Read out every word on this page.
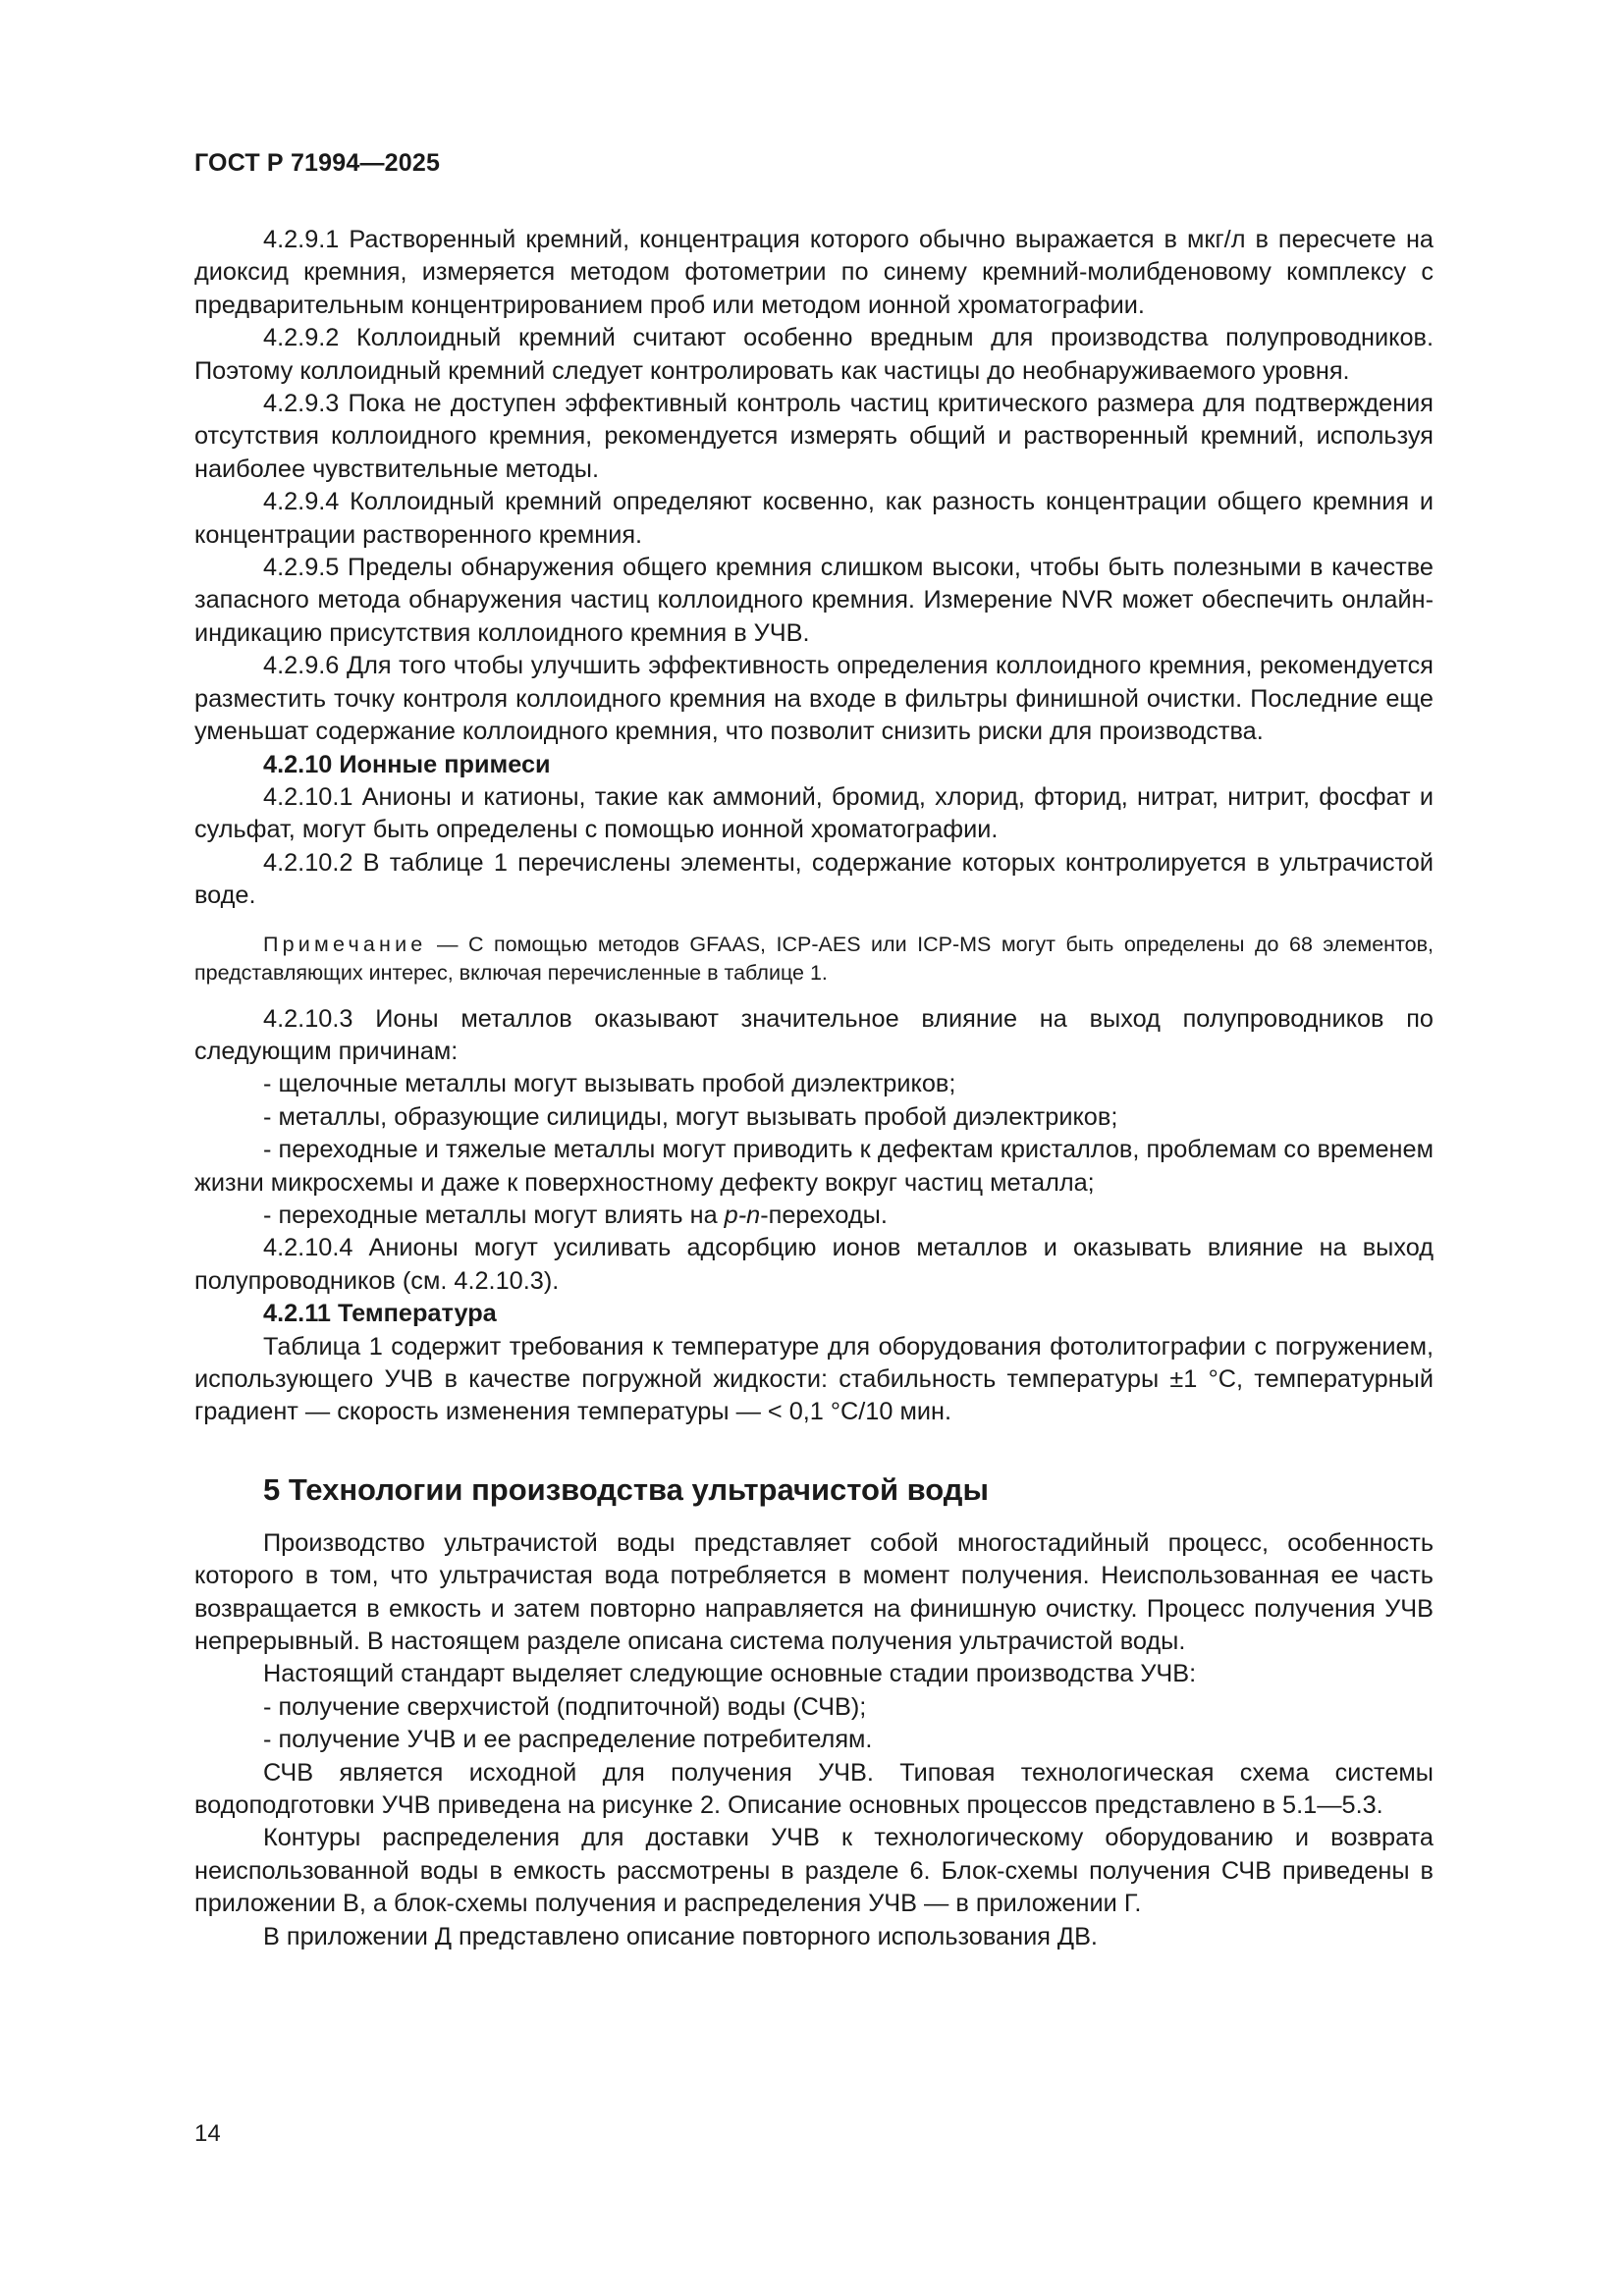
ГОСТ Р 71994—2025

4.2.9.1 Растворенный кремний, концентрация которого обычно выражается в мкг/л в пересчете на диоксид кремния, измеряется методом фотометрии по синему кремний-молибденовому комплексу с предварительным концентрированием проб или методом ионной хроматографии.

4.2.9.2 Коллоидный кремний считают особенно вредным для производства полупроводников. Поэтому коллоидный кремний следует контролировать как частицы до необнаруживаемого уровня.

4.2.9.3 Пока не доступен эффективный контроль частиц критического размера для подтверждения отсутствия коллоидного кремния, рекомендуется измерять общий и растворенный кремний, используя наиболее чувствительные методы.

4.2.9.4 Коллоидный кремний определяют косвенно, как разность концентрации общего кремния и концентрации растворенного кремния.

4.2.9.5 Пределы обнаружения общего кремния слишком высоки, чтобы быть полезными в качестве запасного метода обнаружения частиц коллоидного кремния. Измерение NVR может обеспечить онлайн-индикацию присутствия коллоидного кремния в УЧВ.

4.2.9.6 Для того чтобы улучшить эффективность определения коллоидного кремния, рекомендуется разместить точку контроля коллоидного кремния на входе в фильтры финишной очистки. Последние еще уменьшат содержание коллоидного кремния, что позволит снизить риски для производства.

4.2.10 Ионные примеси

4.2.10.1 Анионы и катионы, такие как аммоний, бромид, хлорид, фторид, нитрат, нитрит, фосфат и сульфат, могут быть определены с помощью ионной хроматографии.

4.2.10.2 В таблице 1 перечислены элементы, содержание которых контролируется в ультрачистой воде.

Примечание — С помощью методов GFAAS, ICP-AES или ICP-MS могут быть определены до 68 элементов, представляющих интерес, включая перечисленные в таблице 1.

4.2.10.3 Ионы металлов оказывают значительное влияние на выход полупроводников по следующим причинам:

- щелочные металлы могут вызывать пробой диэлектриков;

- металлы, образующие силициды, могут вызывать пробой диэлектриков;

- переходные и тяжелые металлы могут приводить к дефектам кристаллов, проблемам со временем жизни микросхемы и даже к поверхностному дефекту вокруг частиц металла;

- переходные металлы могут влиять на p-n-переходы.

4.2.10.4 Анионы могут усиливать адсорбцию ионов металлов и оказывать влияние на выход полупроводников (см. 4.2.10.3).

4.2.11 Температура

Таблица 1 содержит требования к температуре для оборудования фотолитографии с погружением, использующего УЧВ в качестве погружной жидкости: стабильность температуры ±1 °С, температурный градиент — скорость изменения температуры — < 0,1 °С/10 мин.

5 Технологии производства ультрачистой воды

Производство ультрачистой воды представляет собой многостадийный процесс, особенность которого в том, что ультрачистая вода потребляется в момент получения. Неиспользованная ее часть возвращается в емкость и затем повторно направляется на финишную очистку. Процесс получения УЧВ непрерывный. В настоящем разделе описана система получения ультрачистой воды.

Настоящий стандарт выделяет следующие основные стадии производства УЧВ:

- получение сверхчистой (подпиточной) воды (СЧВ);

- получение УЧВ и ее распределение потребителям.

СЧВ является исходной для получения УЧВ. Типовая технологическая схема системы водоподготовки УЧВ приведена на рисунке 2. Описание основных процессов представлено в 5.1—5.3.

Контуры распределения для доставки УЧВ к технологическому оборудованию и возврата неиспользованной воды в емкость рассмотрены в разделе 6. Блок-схемы получения СЧВ приведены в приложении В, а блок-схемы получения и распределения УЧВ — в приложении Г.

В приложении Д представлено описание повторного использования ДВ.

14
